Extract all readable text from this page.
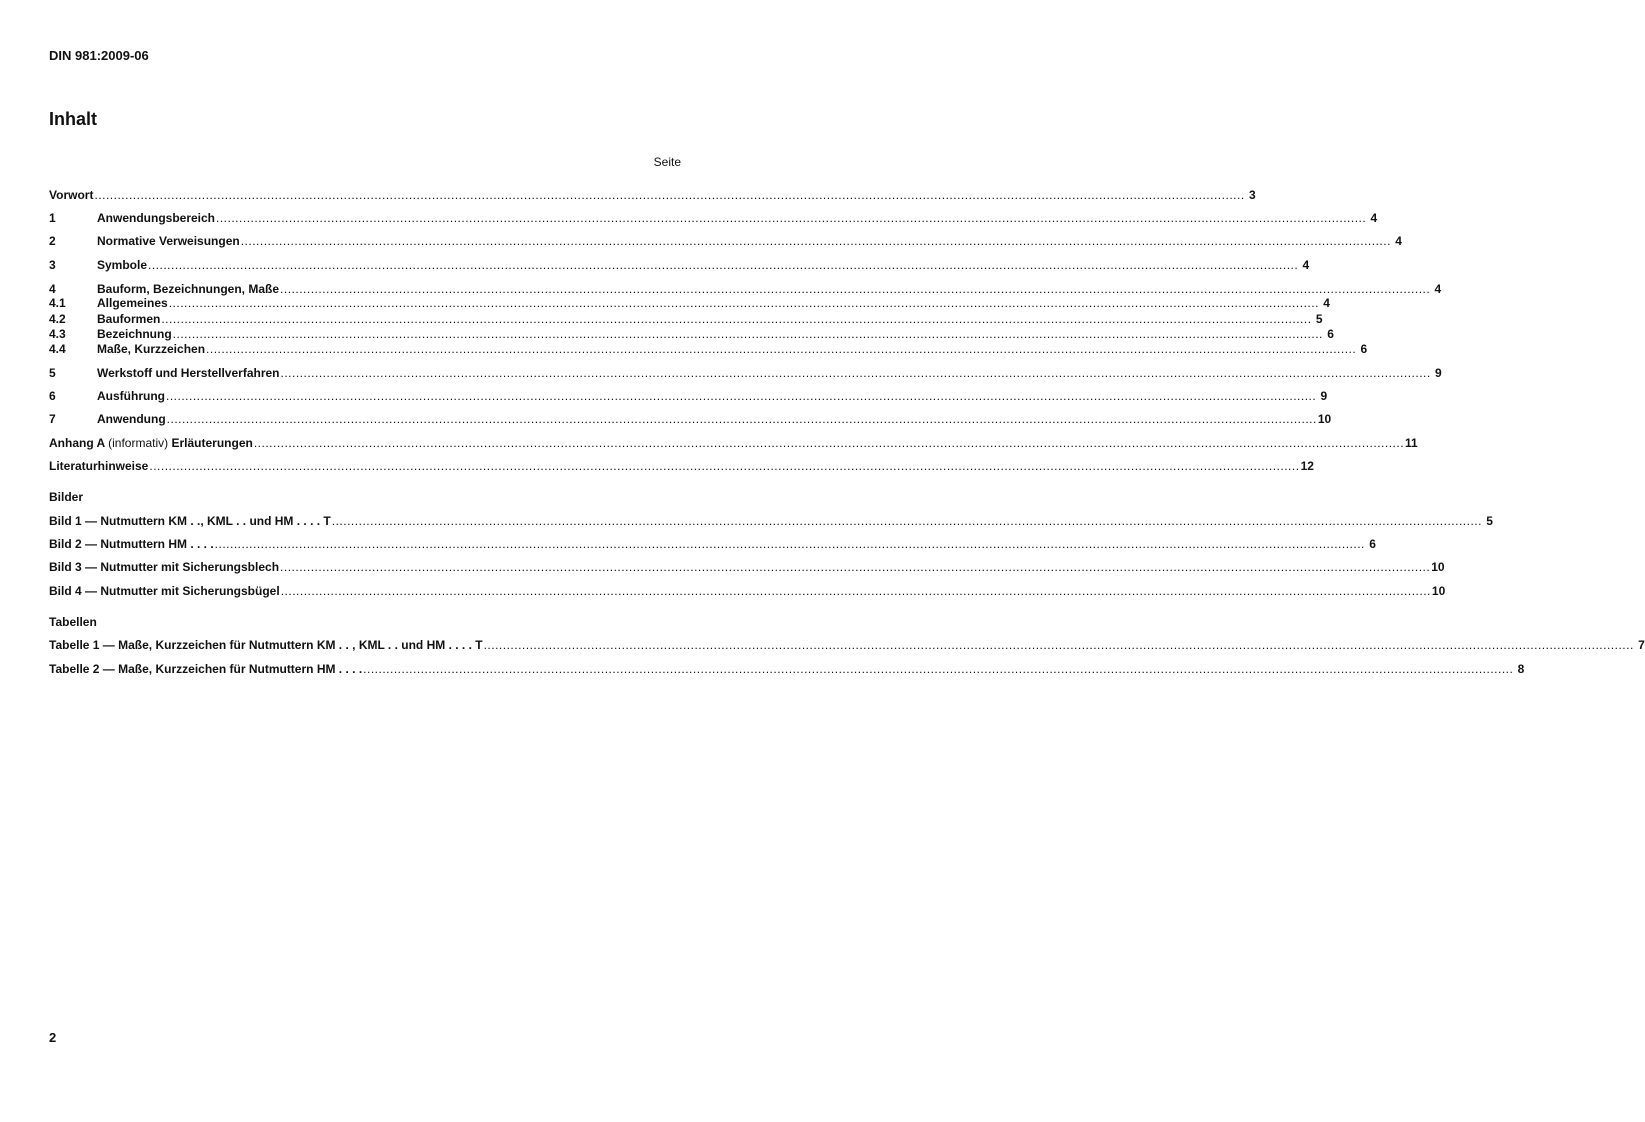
DIN 981:2009-06
Inhalt
Seite
Vorwort ............................................................................................................................................................................................................................................................................................................ 3
1	Anwendungsbereich ............................................................................................................................................................................................................................................................................................................ 4
2	Normative Verweisungen ............................................................................................................................................................................................................................................................................................................ 4
3	Symbole ............................................................................................................................................................................................................................................................................................................ 4
4	Bauform, Bezeichnungen, Maße ............................................................................................................................................................................................................................................................................................................ 4
4.1	Allgemeines ............................................................................................................................................................................................................................................................................................................ 4
4.2	Bauformen ............................................................................................................................................................................................................................................................................................................ 5
4.3	Bezeichnung ............................................................................................................................................................................................................................................................................................................ 6
4.4	Maße, Kurzzeichen ............................................................................................................................................................................................................................................................................................................ 6
5	Werkstoff und Herstellverfahren ............................................................................................................................................................................................................................................................................................................ 9
6	Ausführung ............................................................................................................................................................................................................................................................................................................ 9
7	Anwendung ............................................................................................................................................................................................................................................................................................................ 10
Anhang A (informativ) Erläuterungen ............................................................................................................................................................................................................................................................................................................ 11
Literaturhinweise ............................................................................................................................................................................................................................................................................................................ 12
Bilder
Bild 1 — Nutmuttern KM . ., KML . . und HM . . . . T ............................................................................................................................................................................................................................................................................................................ 5
Bild 2 — Nutmuttern HM . . . . ............................................................................................................................................................................................................................................................................................................ 6
Bild 3 — Nutmutter mit Sicherungsblech ............................................................................................................................................................................................................................................................................................................ 10
Bild 4 — Nutmutter mit Sicherungsbügel ............................................................................................................................................................................................................................................................................................................ 10
Tabellen
Tabelle 1 — Maße, Kurzzeichen für Nutmuttern KM . . , KML . . und HM . . . . T ............................................................................................................................................................................................................................................................................................................ 7
Tabelle 2 — Maße, Kurzzeichen für Nutmuttern HM . . . . ............................................................................................................................................................................................................................................................................................................ 8
2
